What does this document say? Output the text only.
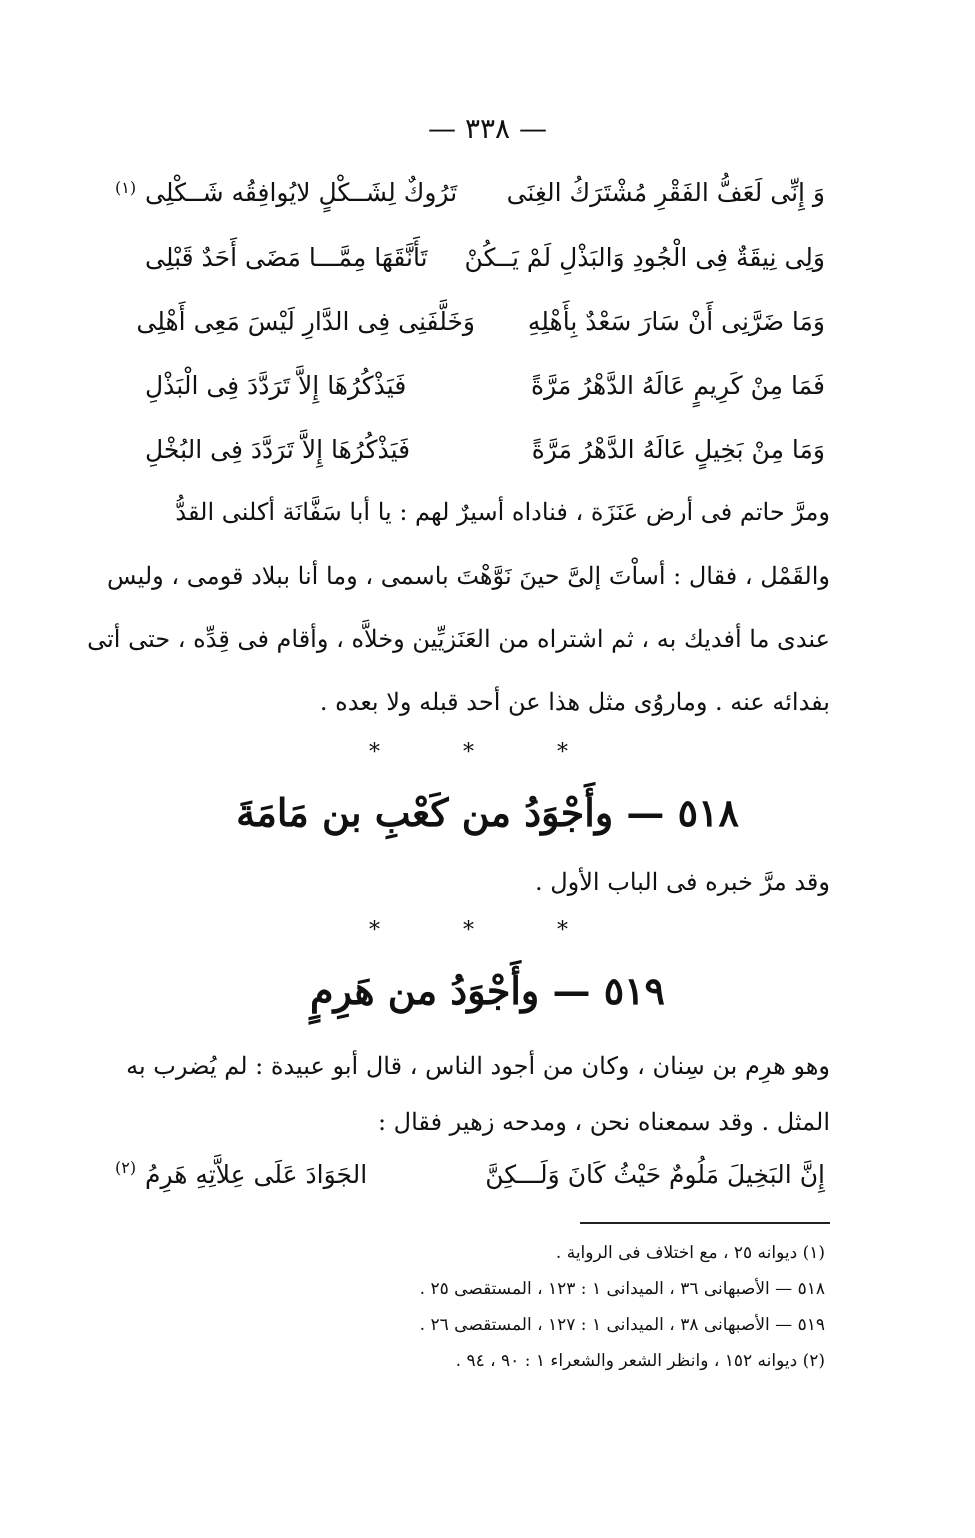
— ٣٣٨ —
وَ إِنِّى لَعَفُّ الفَقْرِ مُشْتَرَكُ الغِنَى
تَرُوكٌ لِشَــكْلٍ لايُوافِقُه شَــكْلِى
(١)
وَلِى نِيقَةٌ فِى الْجُودِ وَالبَذْلِ لَمْ يَــكُنْ
تَأَنَّقَهَا مِمَّـــا مَضَى أَحَدٌ قَبْلِى
وَمَا ضَرَّنِى أَنْ سَارَ سَعْدٌ بِأَهْلِهِ
وَخَلَّفَنِى فِى الدَّارِ لَيْسَ مَعِى أَهْلِى
فَمَا مِنْ كَرِيمٍ عَالَهُ الدَّهْرُ مَرَّةً
فَيَذْكُرُهَا إِلاَّ تَرَدَّدَ فِى الْبَذْلِ
وَمَا مِنْ بَخِيلٍ عَالَهُ الدَّهْرُ مَرَّةً
فَيَذْكُرُهَا إِلاَّ تَرَدَّدَ فِى البُخْلِ
ومرَّ حاتم فى أرض عَنَزَة ، فناداه أسيرٌ لهم : يا أبا سَفَّانَة أكلنى القدُّ
والقَمْل ، فقال : أساْتَ إلىَّ حينَ نَوَّهْتَ باسمى ، وما أنا ببلاد قومى ، وليس
عندى ما أفديك به ، ثم اشتراه من العَنَزيِّين وخلاَّه ، وأقام فى قِدِّه ، حتى أتى
بفدائه عنه . وماروُى مثل هذا عن أحد قبله ولا بعده .
* * *
٥١٨ — وأَجْوَدُ من كَعْبِ بن مَامَةَ
وقد مرَّ خبره فى الباب الأول .
* * *
٥١٩ — وأَجْوَدُ من هَرِمٍ
وهو هرِم بن سِنان ، وكان من أجود الناس ، قال أبو عبيدة : لم يُضرب به
المثل . وقد سمعناه نحن ، ومدحه زهير فقال :
إِنَّ البَخِيلَ مَلُومٌ حَيْثُ كَانَ وَلَـــكِنَّ
الجَوَادَ عَلَى عِلاَّتِهِ هَرِمُ
(٢)
(١) ديوانه ٢٥ ، مع اختلاف فى الرواية .
٥١٨ — الأصبهانى ٣٦ ، الميدانى ١ : ١٢٣ ، المستقصى ٢٥ .
٥١٩ — الأصبهانى ٣٨ ، الميدانى ١ : ١٢٧ ، المستقصى ٢٦ .
(٢) ديوانه ١٥٢ ، وانظر الشعر والشعراء ١ : ٩٠ ، ٩٤ .
